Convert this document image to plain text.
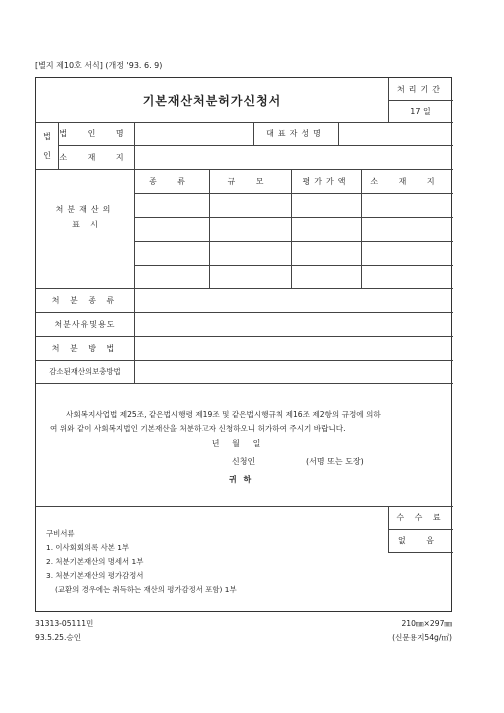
[별지 제10호 서식] (개정 '93. 6. 9)
기본재산처분허가신청서
처리기간
17 일
법
인
법 인 명	대표자성명
소 재 지
처분재산의
표    시
종 류	규 모	평가가액	소 재 지
처 분 종 류
처분사유및용도
처 분 방 법
감소된재산의보충방법
사회복지사업법 제25조, 같은법시행령 제19조 및 같은법시행규칙 제16조 제2항의 규정에 의하
여 위와 같이 사회복지법인 기본재산을 처분하고자 신청하오니 허가하여 주시기 바랍니다.
년     월     일
신청인	(서명 또는 도장)
귀 하
수 수 료
없 음
구비서류
1. 이사회회의록 사본 1부
2. 처분기본재산의 명세서 1부
3. 처분기본재산의 평가감정서
(교환의 경우에는 취득하는 재산의 평가감정서 포함) 1부
31313-05111민
93.5.25.승인
210㎜×297㎜
(신문용지54g/㎡)
